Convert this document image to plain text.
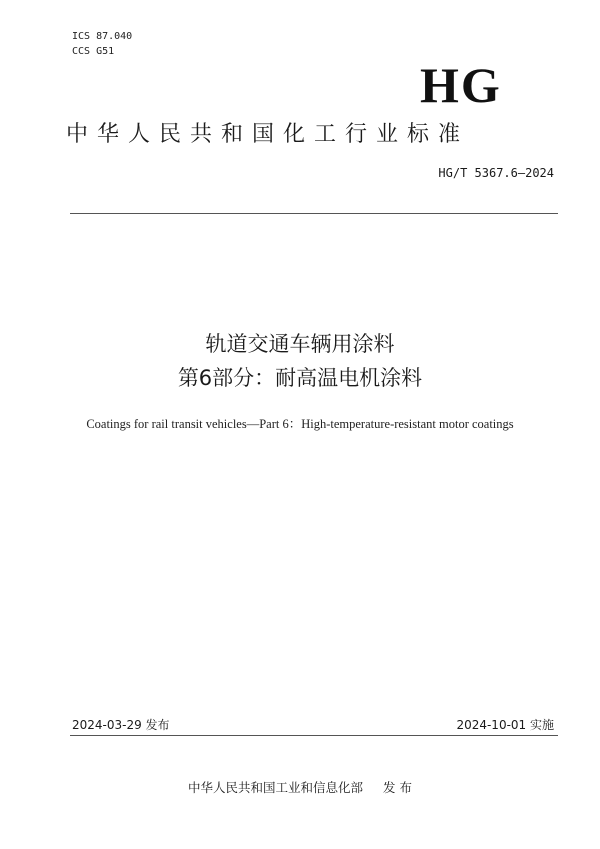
ICS 87.040
CCS G51
HG
中华人民共和国化工行业标准
HG/T 5367.6—2024
轨道交通车辆用涂料
第6部分：耐高温电机涂料
Coatings for rail transit vehicles—Part 6：High-temperature-resistant motor coatings
2024-03-29 发布	2024-10-01 实施
中华人民共和国工业和信息化部 发 布
